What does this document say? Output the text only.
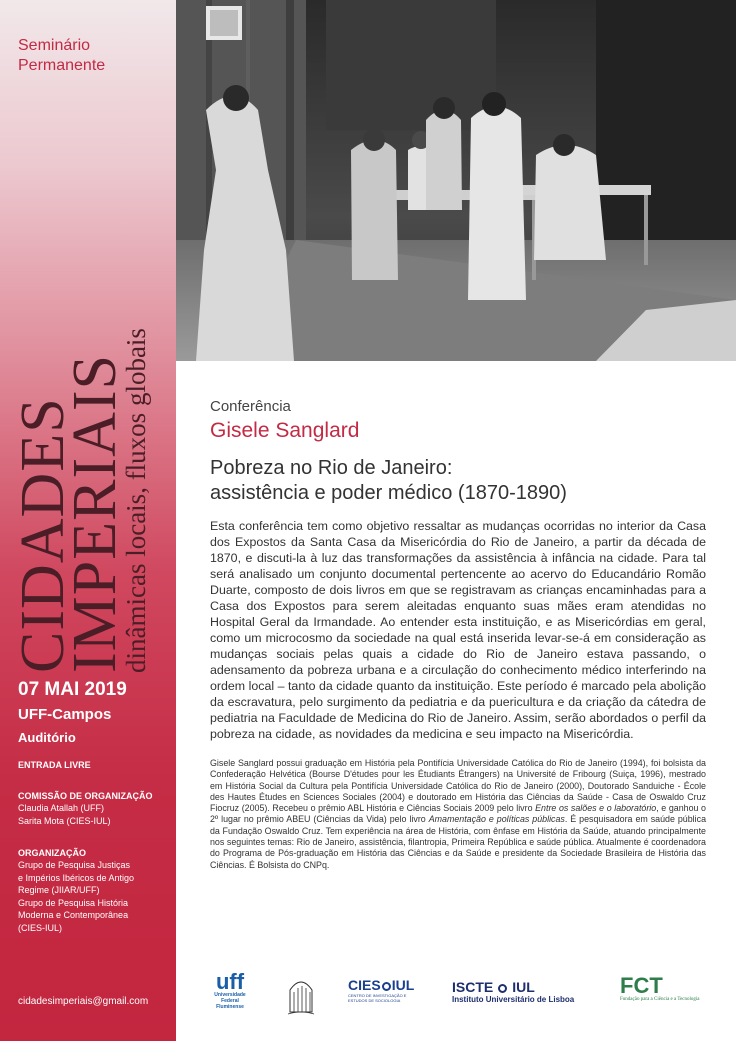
Seminário
Permanente
CIDADES
IMPERIAIS
dinâmicas locais, fluxos globais
07 MAI 2019
UFF-Campos
Auditório
ENTRADA LIVRE
COMISSÃO DE ORGANIZAÇÃO
Claudia Atallah (UFF)
Sarita Mota (CIES-IUL)
ORGANIZAÇÃO
Grupo de Pesquisa Justiças
e Impérios Ibéricos de Antigo
Regime (JIIAR/UFF)
Grupo de Pesquisa História
Moderna e Contemporânea
(CIES-IUL)
cidadesimperiais@gmail.com
Conferência
Gisele Sanglard
Pobreza no Rio de Janeiro:
assistência e poder médico (1870-1890)
Esta conferência tem como objetivo ressaltar as mudanças ocorridas no interior da Casa dos Expostos da Santa Casa da Misericórdia do Rio de Janeiro, a partir da década de 1870, e discuti-la à luz das transformações da assistência à infância na cidade. Para tal será analisado um conjunto documental pertencente ao acervo do Educandário Romão Duarte, composto de dois livros em que se registravam as crianças encaminhadas para a Casa dos Expostos para serem aleitadas enquanto suas mães eram atendidas no Hospital Geral da Irmandade. Ao entender esta instituição, e as Misericórdias em geral, como um microcosmo da sociedade na qual está inserida levar-se-á em consideração as mudanças sociais pelas quais a cidade do Rio de Janeiro estava passando, o adensamento da pobreza urbana e a circulação do conhecimento médico interferindo na ordem local – tanto da cidade quanto da instituição. Este período é marcado pela abolição da escravatura, pelo surgimento da pediatria e da puericultura e da criação da cátedra de pediatria na Faculdade de Medicina do Rio de Janeiro. Assim, serão abordados o perfil da pobreza na cidade, as novidades da medicina e seu impacto na Misericórdia.
Gisele Sanglard possui graduação em História pela Pontifícia Universidade Católica do Rio de Janeiro (1994), foi bolsista da Confederação Helvética (Bourse D'études pour les Étudiants Étrangers) na Université de Fribourg (Suiça, 1996), mestrado em História Social da Cultura pela Pontifícia Universidade Católica do Rio de Janeiro (2000), Doutorado Sanduiche - École des Hautes Études en Sciences Sociales (2004) e doutorado em História das Ciências da Saúde - Casa de Oswaldo Cruz Fiocruz (2005). Recebeu o prêmio ABL História e Ciências Sociais 2009 pelo livro Entre os salões e o laboratório, e ganhou o 2º lugar no prêmio ABEU (Ciências da Vida) pelo livro Amamentação e políticas públicas. É pesquisadora em saúde pública da Fundação Oswaldo Cruz. Tem experiência na área de História, com ênfase em História da Saúde, atuando principalmente nos seguintes temas: Rio de Janeiro, assistência, filantropia, Primeira República e saúde pública. Atualmente é coordenadora do Programa de Pós-graduação em História das Ciências e da Saúde e presidente da Sociedade Brasileira de História das Ciências. É Bolsista do CNPq.
uff
Universidade
Federal
Fluminense
CIES IUL
CENTRO DE INVESTIGAÇÃO E ESTUDOS DE SOCIOLOGIA
ISCTE IUL
Instituto Universitário de Lisboa
FCT
Fundação para a Ciência e a Tecnologia
